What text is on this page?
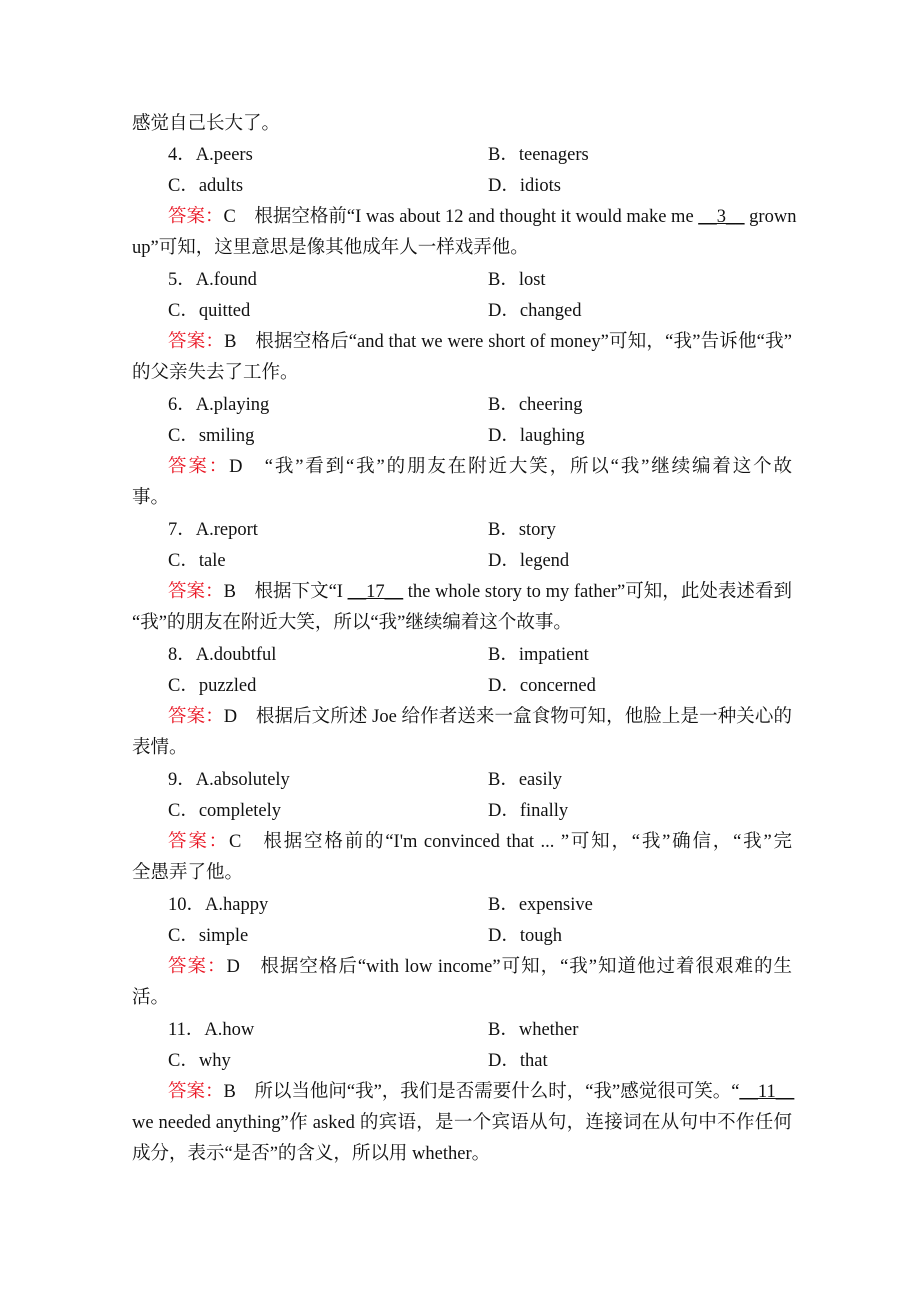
感觉自己长大了。
4．A.peers	B．teenagers
C．adults	D．idiots
答案：C　根据空格前“I was about 12 and thought it would make me __3__ grown
up”可知，这里意思是像其他成年人一样戏弄他。
5．A.found	B．lost
C．quitted	D．changed
答案：B　根据空格后“and that we were short of money”可知，“我”告诉他“我”
的父亲失去了工作。
6．A.playing	B．cheering
C．smiling	D．laughing
答案：D　“我”看到“我”的朋友在附近大笑，所以“我”继续编着这个故
事。
7．A.report	B．story
C．tale	D．legend
答案：B　根据下文“I __17__ the whole story to my father”可知，此处表述看到
“我”的朋友在附近大笑，所以“我”继续编着这个故事。
8．A.doubtful	B．impatient
C．puzzled	D．concerned
答案：D　根据后文所述 Joe 给作者送来一盒食物可知，他脸上是一种关心的
表情。
9．A.absolutely	B．easily
C．completely	D．finally
答案：C　根据空格前的“I'm convinced that ... ”可知，“我”确信，“我”完
全愚弄了他。
10．A.happy	B．expensive
C．simple	D．tough
答案：D　根据空格后“with low income”可知，“我”知道他过着很艰难的生
活。
11．A.how	B．whether
C．why	D．that
答案：B　所以当他问“我”，我们是否需要什么时，“我”感觉很可笑。“__11__
we needed anything”作 asked 的宾语，是一个宾语从句，连接词在从句中不作任何
成分，表示“是否”的含义，所以用 whether。
